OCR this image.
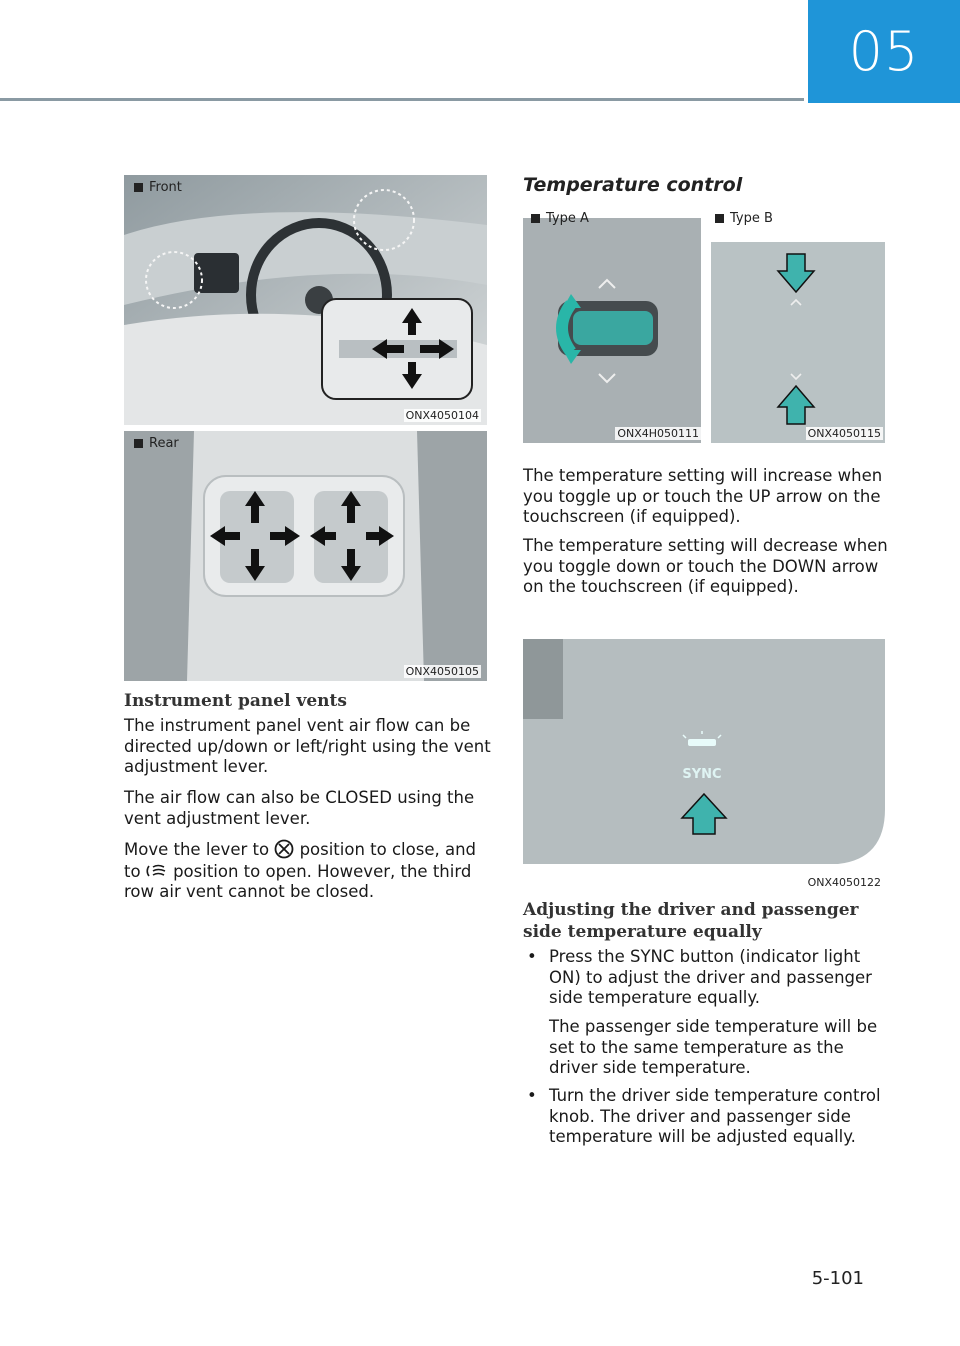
05
Front
ONX4050104
Rear
ONX4050105
Instrument panel vents
The instrument panel vent air flow can be directed up/down or left/right using the vent adjustment lever.
The air flow can also be CLOSED using the vent adjustment lever.
Move the lever to position to close, and to position to open. However, the third row air vent cannot be closed.
Temperature control
Type A
ONX4H050111
Type B
ONX4050115
The temperature setting will increase when you toggle up or touch the UP arrow on the touchscreen (if equipped).
The temperature setting will decrease when you toggle down or touch the DOWN arrow on the touchscreen (if equipped).
SYNC
ONX4050122
Adjusting the driver and passenger side temperature equally
• Press the SYNC button (indicator light ON) to adjust the driver and passenger side temperature equally.
The passenger side temperature will be set to the same temperature as the driver side temperature.
• Turn the driver side temperature control knob. The driver and passenger side temperature will be adjusted equally.
5-101
